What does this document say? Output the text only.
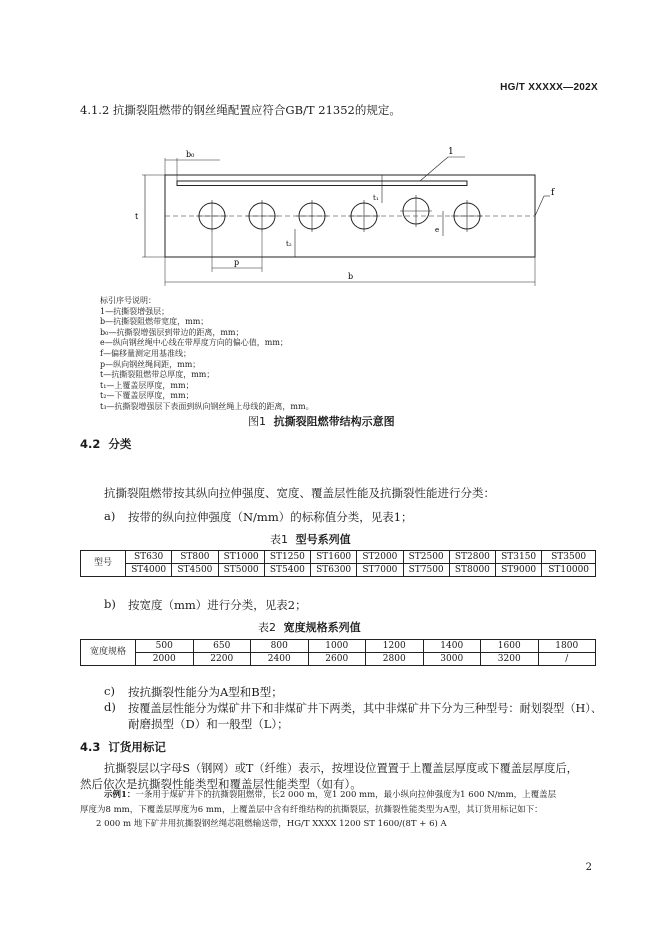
HG/T XXXXX—202X
4.1.2 抗撕裂阻燃带的钢丝绳配置应符合GB/T 21352的规定。
f
1
b₀
t
t₁
t₂
e
p
b
标引序号说明：
1—抗撕裂增强层；
b—抗撕裂阻燃带宽度，mm；
b₀—抗撕裂增强层到带边的距离，mm；
e—纵向钢丝绳中心线在带厚度方向的偏心值，mm；
f—偏移量测定用基准线；
p—纵向钢丝绳间距，mm；
t—抗撕裂阻燃带总厚度，mm；
t₁—上覆盖层厚度，mm；
t₂—下覆盖层厚度，mm；
t₃—抗撕裂增强层下表面到纵向钢丝绳上母线的距离，mm。
图1 抗撕裂阻燃带结构示意图
4.2 分类
抗撕裂阻燃带按其纵向拉伸强度、宽度、覆盖层性能及抗撕裂性能进行分类：
a) 按带的纵向拉伸强度（N/mm）的标称值分类，见表1；
表1 型号系列值
型号	ST630	ST800	ST1000	ST1250	ST1600	ST2000	ST2500	ST2800	ST3150	ST3500
	ST4000	ST4500	ST5000	ST5400	ST6300	ST7000	ST7500	ST8000	ST9000	ST10000
b) 按宽度（mm）进行分类，见表2；
表2 宽度规格系列值
宽度规格	500	650	800	1000	1200	1400	1600	1800
	2000	2200	2400	2600	2800	3000	3200	/
c) 按抗撕裂性能分为A型和B型；
d) 按覆盖层性能分为煤矿井下和非煤矿井下两类，其中非煤矿井下分为三种型号：耐划裂型（H）、
耐磨损型（D）和一般型（L）；
4.3 订货用标记
抗撕裂层以字母S（钢网）或T（纤维）表示，按埋设位置置于上覆盖层厚度或下覆盖层厚度后，
然后依次是抗撕裂性能类型和覆盖层性能类型（如有）。
示例1：一条用于煤矿井下的抗撕裂阻燃带，长2 000 m，宽1 200 mm，最小纵向拉伸强度为1 600 N/mm，上覆盖层
厚度为8 mm，下覆盖层厚度为6 mm，上覆盖层中含有纤维结构的抗撕裂层，抗撕裂性能类型为A型，其订货用标记如下：
2 000 m 地下矿井用抗撕裂钢丝绳芯阻燃输送带，HG/T XXXX 1200 ST 1600/(8T + 6) A
2
